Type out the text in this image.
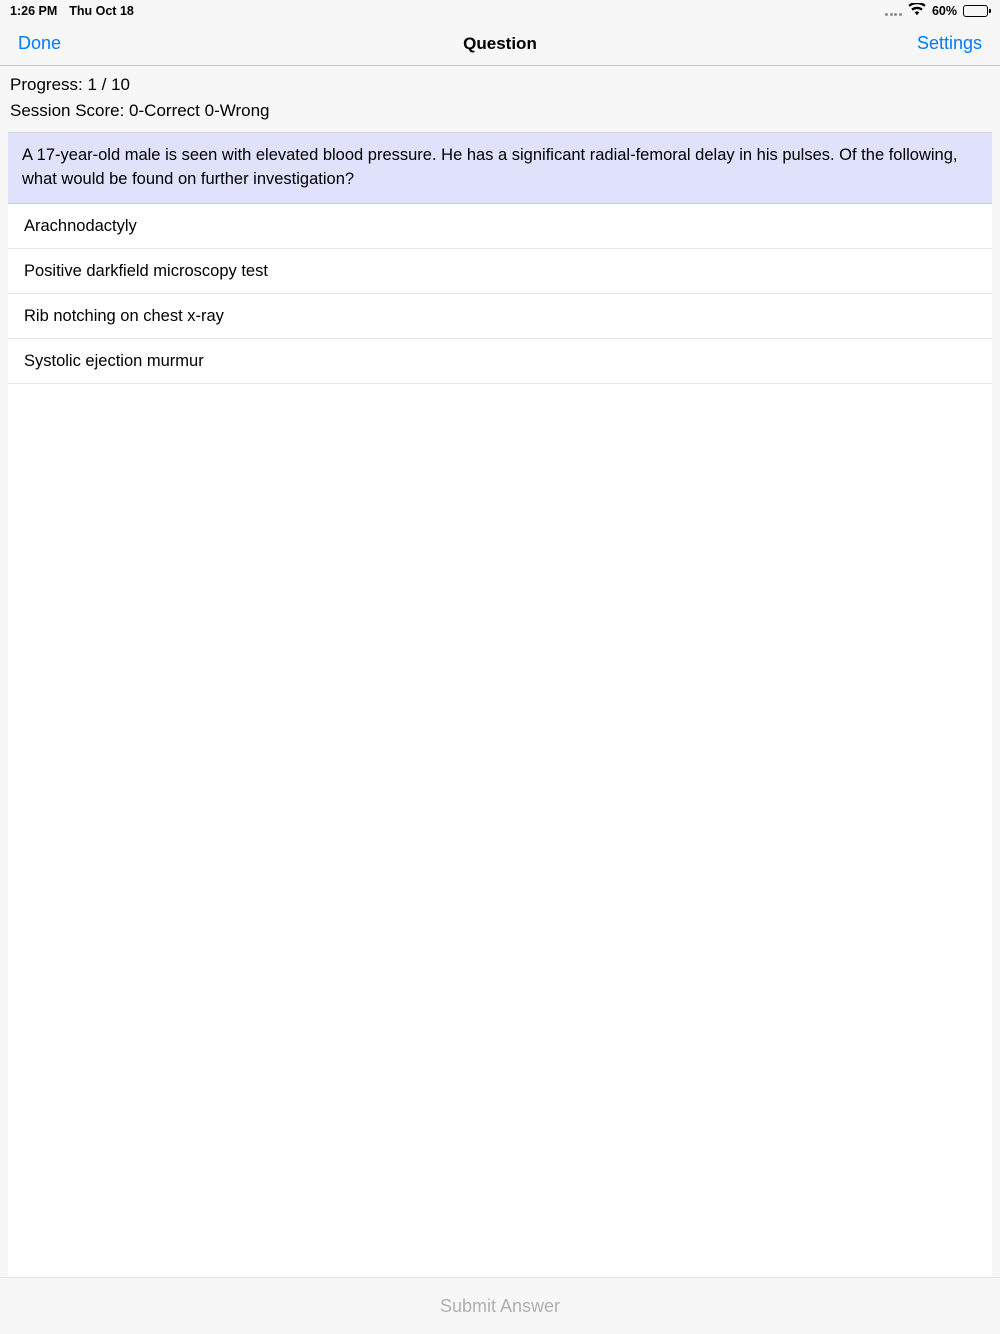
1:26 PM Thu Oct 18	60%
Done	Question	Settings
Progress: 1 / 10
Session Score: 0-Correct 0-Wrong
A 17-year-old male is seen with elevated blood pressure. He has a significant radial-femoral delay in his pulses. Of the following, what would be found on further investigation?
Arachnodactyly
Positive darkfield microscopy test
Rib notching on chest x-ray
Systolic ejection murmur
Submit Answer
